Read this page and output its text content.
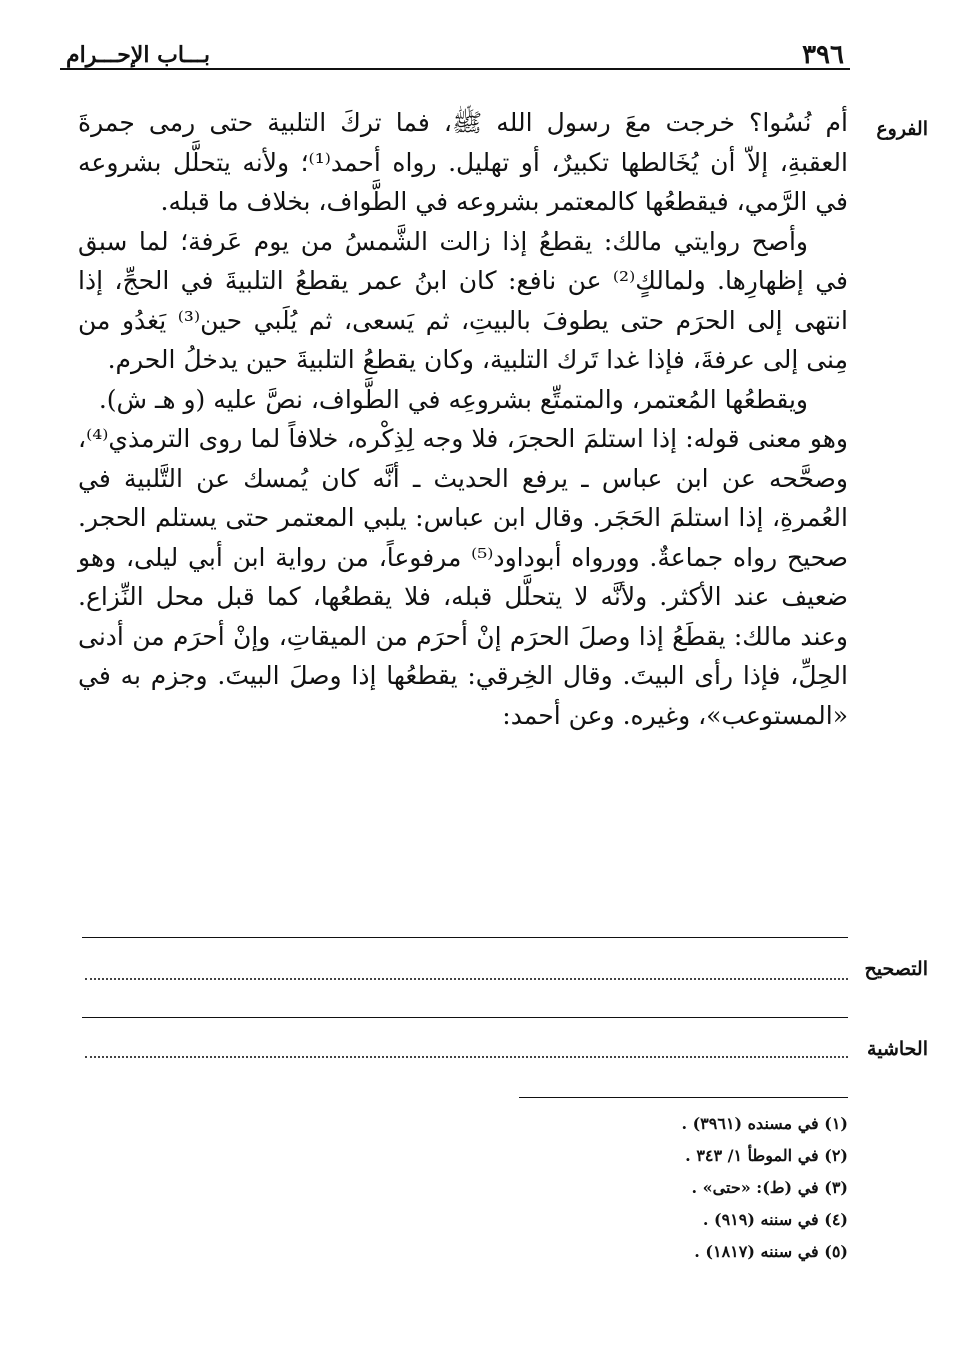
٣٩٦
بـــاب الإحـــرام
الفروع

أم نُسُوا؟ خرجت معَ رسول الله ﷺ، فما تركَ التلبية حتى رمى جمرةَ العقبةِ، إلاّ أن يُخَالطها تكبيرٌ، أو تهليل. رواه أحمد⁽¹⁾؛ ولأنه يتحلَّل بشروعه في الرَّمي، فيقطعُها كالمعتمر بشروعه في الطَّواف، بخلاف ما قبله.

وأصح روايتي مالك: يقطعُ إذا زالت الشَّمسُ من يوم عَرفة؛ لما سبق في إظهارِها. ولمالكٍ⁽²⁾ عن نافع: كان ابنُ عمر يقطعُ التلبيةَ في الحجِّ، إذا انتهى إلى الحرَم حتى يطوفَ بالبيتِ، ثم يَسعى، ثم يُلَبي حين⁽³⁾ يَغدُو من مِنى إلى عرفةَ، فإذا غدا تَرك التلبية، وكان يقطعُ التلبيةَ حين يدخلُ الحرم.

ويقطعُها المُعتمر، والمتمتِّع بشروعِه في الطَّواف، نصَّ عليه (و هـ ش).

وهو معنى قوله: إذا استلمَ الحجرَ، فلا وجه لِذِكْره، خلافاً لما روى الترمذي⁽⁴⁾، وصحَّحه عن ابن عباس ـ يرفع الحديث ـ أنَّه كان يُمسك عن التَّلبية في العُمرةِ، إذا استلمَ الحَجَر. وقال ابن عباس: يلبي المعتمر حتى يستلم الحجر. صحيح رواه جماعةٌ. وورواه أبوداود⁽⁵⁾ مرفوعاً، من رواية ابن أبي ليلى، وهو ضعيف عند الأكثر. ولأنَّه لا يتحلَّل قبله، فلا يقطعُها، كما قبل محل النِّزاع. وعند مالك: يقطَعُ إذا وصلَ الحرَم إنْ أحرَم من الميقاتِ، وإنْ أحرَم من أدنى الحِلِّ، فإذا رأى البيتَ. وقال الخِرقي: يقطعُها إذا وصلَ البيتَ. وجزم به في «المستوعب»، وغيره. وعن أحمد:

التصحيح
الحاشية
(١) في مسنده (٣٩٦١) .
(٢) في الموطأ ١/ ٣٤٣ .
(٣) في (ط): «حتى» .
(٤) في سننه (٩١٩) .
(٥) في سننه (١٨١٧) .
